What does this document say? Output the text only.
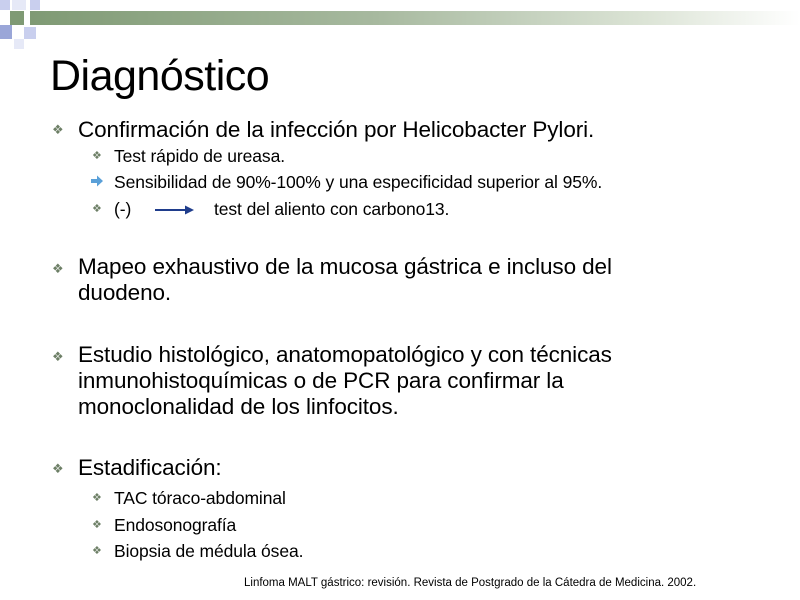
Diagnóstico
❖ Confirmación de la infección por Helicobacter Pylori.
❖ Test rápido de ureasa.
Sensibilidad de 90%-100% y una especificidad superior al 95%.
❖ (-)	test del aliento con carbono13.
❖ Mapeo exhaustivo de la mucosa gástrica e incluso del
duodeno.
❖ Estudio histológico, anatomopatológico y con técnicas
inmunohistoquímicas o de PCR para confirmar la
monoclonalidad de los linfocitos.
❖ Estadificación:
❖ TAC tóraco-abdominal
❖ Endosonografía
❖ Biopsia de médula ósea.
Linfoma MALT gástrico: revisión. Revista de Postgrado de la Cátedra de Medicina. 2002.
